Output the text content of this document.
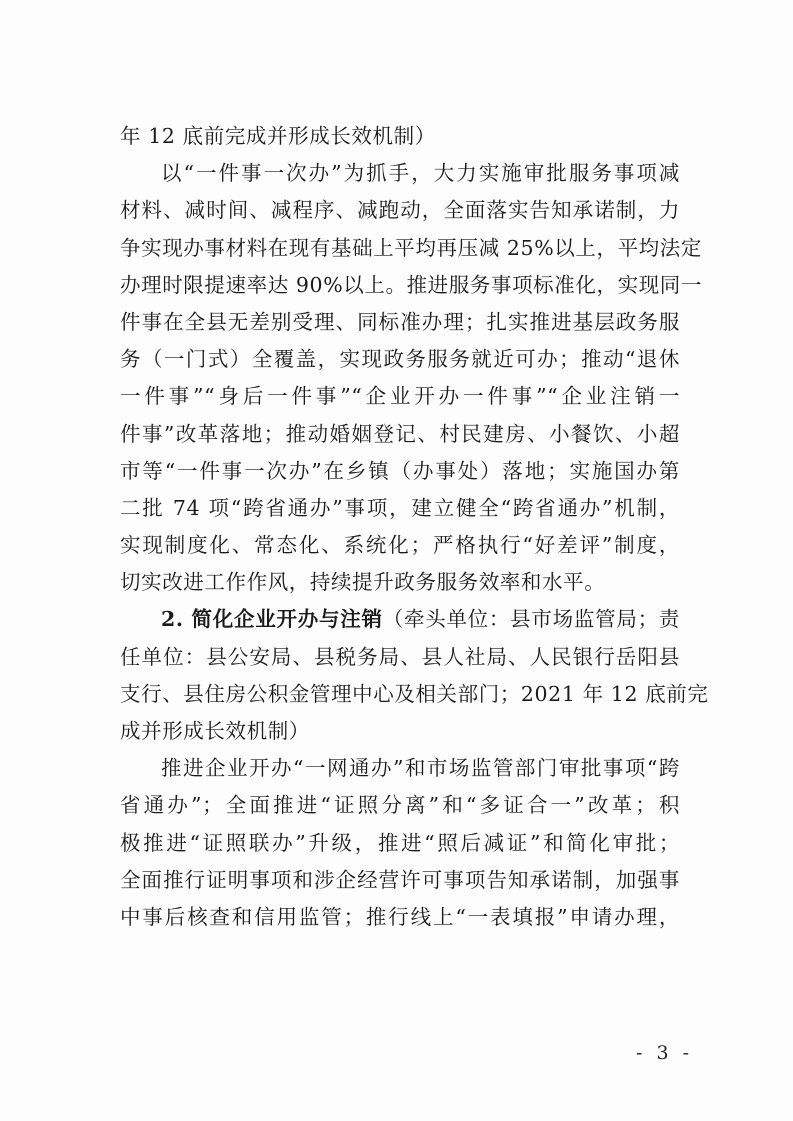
年 12 底前完成并形成长效机制）
以“一件事一次办”为抓手，大力实施审批服务事项减
材料、减时间、减程序、减跑动，全面落实告知承诺制，力
争实现办事材料在现有基础上平均再压减 25%以上，平均法定
办理时限提速率达 90%以上。推进服务事项标准化，实现同一
件事在全县无差别受理、同标准办理；扎实推进基层政务服
务（一门式）全覆盖，实现政务服务就近可办；推动“退休
一件事”“身后一件事”“企业开办一件事”“企业注销一
件事”改革落地；推动婚姻登记、村民建房、小餐饮、小超
市等“一件事一次办”在乡镇（办事处）落地；实施国办第
二批 74 项“跨省通办”事项，建立健全“跨省通办”机制，
实现制度化、常态化、系统化；严格执行“好差评”制度，
切实改进工作作风，持续提升政务服务效率和水平。
2. 简化企业开办与注销（牵头单位：县市场监管局；责
任单位：县公安局、县税务局、县人社局、人民银行岳阳县
支行、县住房公积金管理中心及相关部门；2021 年 12 底前完
成并形成长效机制）
推进企业开办“一网通办”和市场监管部门审批事项“跨
省通办”；全面推进“证照分离”和“多证合一”改革；积
极推进“证照联办”升级，推进“照后减证”和简化审批；
全面推行证明事项和涉企经营许可事项告知承诺制，加强事
中事后核查和信用监管；推行线上“一表填报”申请办理，
- 3 -
